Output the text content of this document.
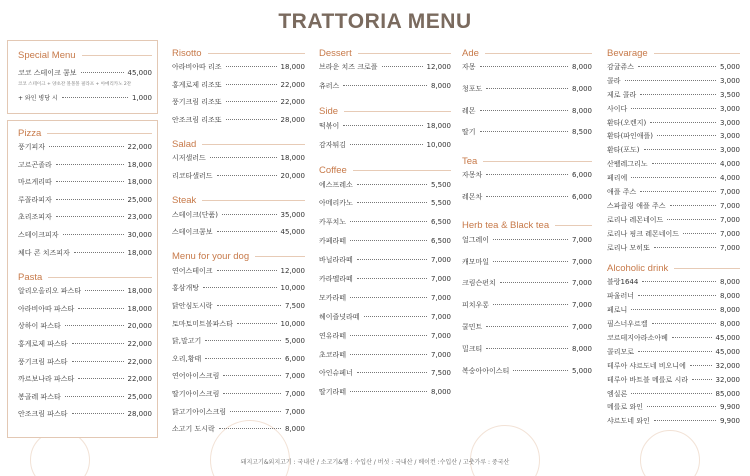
TRATTORIA MENU
Special Menu
코코 스테이크 콤보	45,000
코코 스테이크 + 양초잔 볼볼볼 필라프 + 아메리카노 2잔
+ 와인 병당 시	1,000
Pizza
풍기피자	22,000
고르곤졸라	18,000
마르게리따	18,000
루꼴라피자	25,000
초리조피자	23,000
스테이크피자	30,000
체다 콘 치즈피자	18,000
Pasta
알리오올리오 파스타	18,000
아라비아따 파스타	18,000
상하이 파스타	20,000
홍게로제 파스타	22,000
풍기크림 파스타	22,000
까르보나라 파스타	22,000
봉골레 파스타	25,000
안조크림 파스타	28,000
Risotto
아라비아따 리조	18,000
홍게로제 리조또	22,000
풍기크림 리조또	22,000
안조크림 리조또	28,000
Salad
시저샐러드	18,000
리코타샐러드	20,000
Steak
스테이크(단품)	35,000
스테이크콤보	45,000
Menu for your dog
연어스테이크	12,000
홍삼개탕	10,000
닭안심도시락	7,500
토마토미트볼파스타	10,000
닭,말고기	5,000
오리,황태	6,000
연어아이스크림	7,000
딸기아이스크림	7,000
닭고기아이스크림	7,000
소고기 도시락	8,000
Dessert
브라운 치즈 크로플	12,000
츄러스	8,000
Side
떡볶이	18,000
감자튀김	10,000
Coffee
에스프레소	5,500
아메리카노	5,500
카푸치노	6,500
카페라떼	6,500
바닐라라떼	7,000
카라멜라떼	7,000
모카라떼	7,000
헤이즐넛라떼	7,000
연유라떼	7,000
초코라떼	7,000
아인슈페너	7,500
딸기라떼	8,000
Ade
자몽	8,000
청포도	8,000
레몬	8,000
딸기	8,500
Tea
자몽차	6,000
레몬차	6,000
Herb tea & Black tea
얼그레이	7,000
캐모마일	7,000
크림슨펀치	7,000
피치우롱	7,000
쿨민트	7,000
밀크티	8,000
복숭아아이스티	5,000
Bevarage
감귤쥬스	5,000
콜라	3,000
제로 콜라	3,500
사이다	3,000
환타(오렌지)	3,000
환타(파인애플)	3,000
환타(포도)	3,000
산펠레그리노	4,000
페리에	4,000
애플 주스	7,000
스파클링 애플 주스	7,000
로리나 레몬네이드	7,000
로리나 핑크 레몬네이드	7,000
로리나 모히또	7,000
Alcoholic drink
블랑1644	8,000
파울러너	8,000
페로니	8,000
필스너우르켈	8,000
코르테지아라소아베	45,000
콜리모로	45,000
테루아 샤르도네 비오니에	32,000
테루아 바트블 메를로 시라	32,000
엠실론	85,000
메를로 와인	9,900
샤르도네 와인	9,900
돼지고기&외지고기 : 국내산 / 소고기&햄 : 수입산 / 버섯 : 국내산 / 베이컨 :수입산 / 고춧가루 : 중국산
